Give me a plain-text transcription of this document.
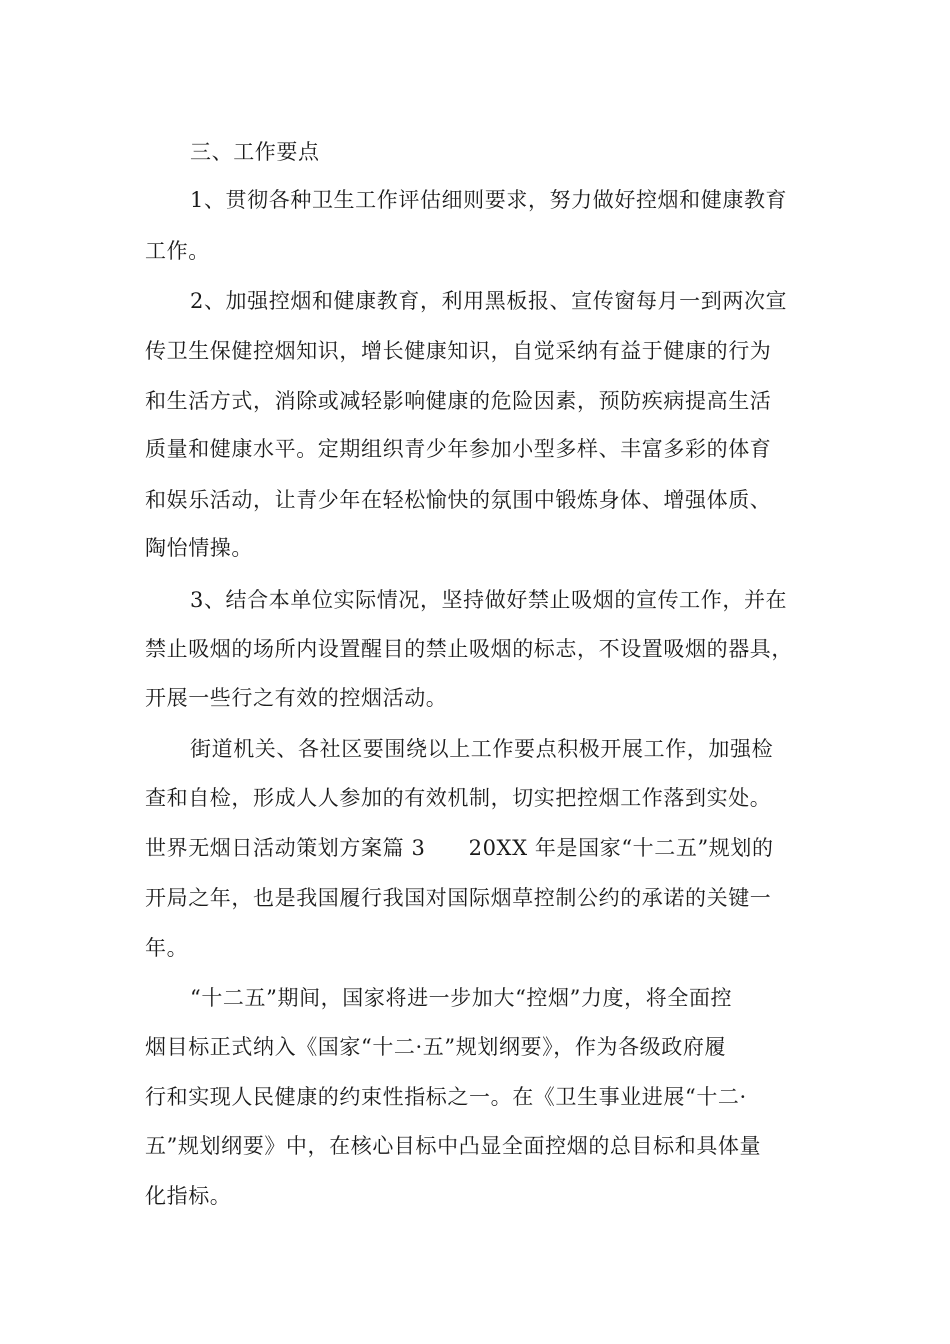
三、工作要点
1、贯彻各种卫生工作评估细则要求，努力做好控烟和健康教育
工作。
2、加强控烟和健康教育，利用黑板报、宣传窗每月一到两次宣
传卫生保健控烟知识，增长健康知识，自觉采纳有益于健康的行为
和生活方式，消除或减轻影响健康的危险因素，预防疾病提高生活
质量和健康水平。定期组织青少年参加小型多样、丰富多彩的体育
和娱乐活动，让青少年在轻松愉快的氛围中锻炼身体、增强体质、
陶怡情操。
3、结合本单位实际情况，坚持做好禁止吸烟的宣传工作，并在
禁止吸烟的场所内设置醒目的禁止吸烟的标志，不设置吸烟的器具，
开展一些行之有效的控烟活动。
街道机关、各社区要围绕以上工作要点积极开展工作，加强检
查和自检，形成人人参加的有效机制，切实把控烟工作落到实处。
世界无烟日活动策划方案篇 3　　20XX 年是国家“十二五”规划的
开局之年，也是我国履行我国对国际烟草控制公约的承诺的关键一
年。
“十二五”期间，国家将进一步加大“控烟”力度，将全面控
烟目标正式纳入《国家“十二·五”规划纲要》，作为各级政府履
行和实现人民健康的约束性指标之一。在《卫生事业进展“十二·
五”规划纲要》中，在核心目标中凸显全面控烟的总目标和具体量
化指标。
